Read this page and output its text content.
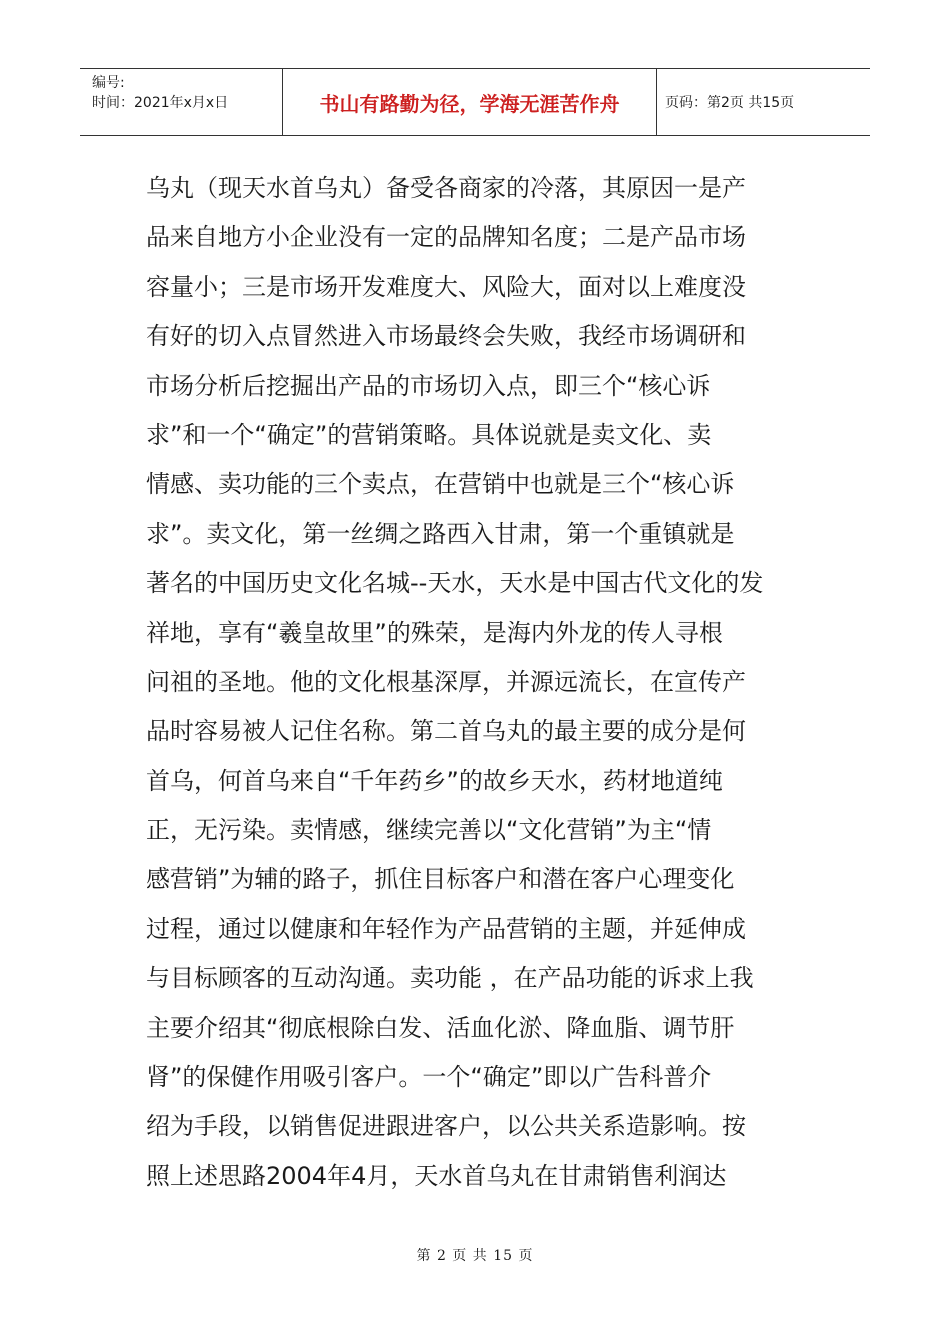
编号:
时间：2021年x月x日	书山有路勤为径，学海无涯苦作舟	页码：第2页 共15页
乌丸（现天水首乌丸）备受各商家的冷落，其原因一是产
品来自地方小企业没有一定的品牌知名度；二是产品市场
容量小；三是市场开发难度大、风险大，面对以上难度没
有好的切入点冒然进入市场最终会失败，我经市场调研和
市场分析后挖掘出产品的市场切入点，即三个“核心诉
求”和一个“确定”的营销策略。具体说就是卖文化、卖
情感、卖功能的三个卖点，在营销中也就是三个“核心诉
求”。卖文化，第一丝绸之路西入甘肃，第一个重镇就是
著名的中国历史文化名城--天水，天水是中国古代文化的发
祥地，享有“羲皇故里”的殊荣，是海内外龙的传人寻根
问祖的圣地。他的文化根基深厚，并源远流长，在宣传产
品时容易被人记住名称。第二首乌丸的最主要的成分是何
首乌，何首乌来自“千年药乡”的故乡天水，药材地道纯
正，无污染。卖情感，继续完善以“文化营销”为主“情
感营销”为辅的路子，抓住目标客户和潜在客户心理变化
过程，通过以健康和年轻作为产品营销的主题，并延伸成
与目标顾客的互动沟通。卖功能 ，在产品功能的诉求上我
主要介绍其“彻底根除白发、活血化淤、降血脂、调节肝
肾”的保健作用吸引客户。一个“确定”即以广告科普介
绍为手段，以销售促进跟进客户，以公共关系造影响。按
照上述思路2004年4月，天水首乌丸在甘肃销售利润达
第 2 页 共 15 页
